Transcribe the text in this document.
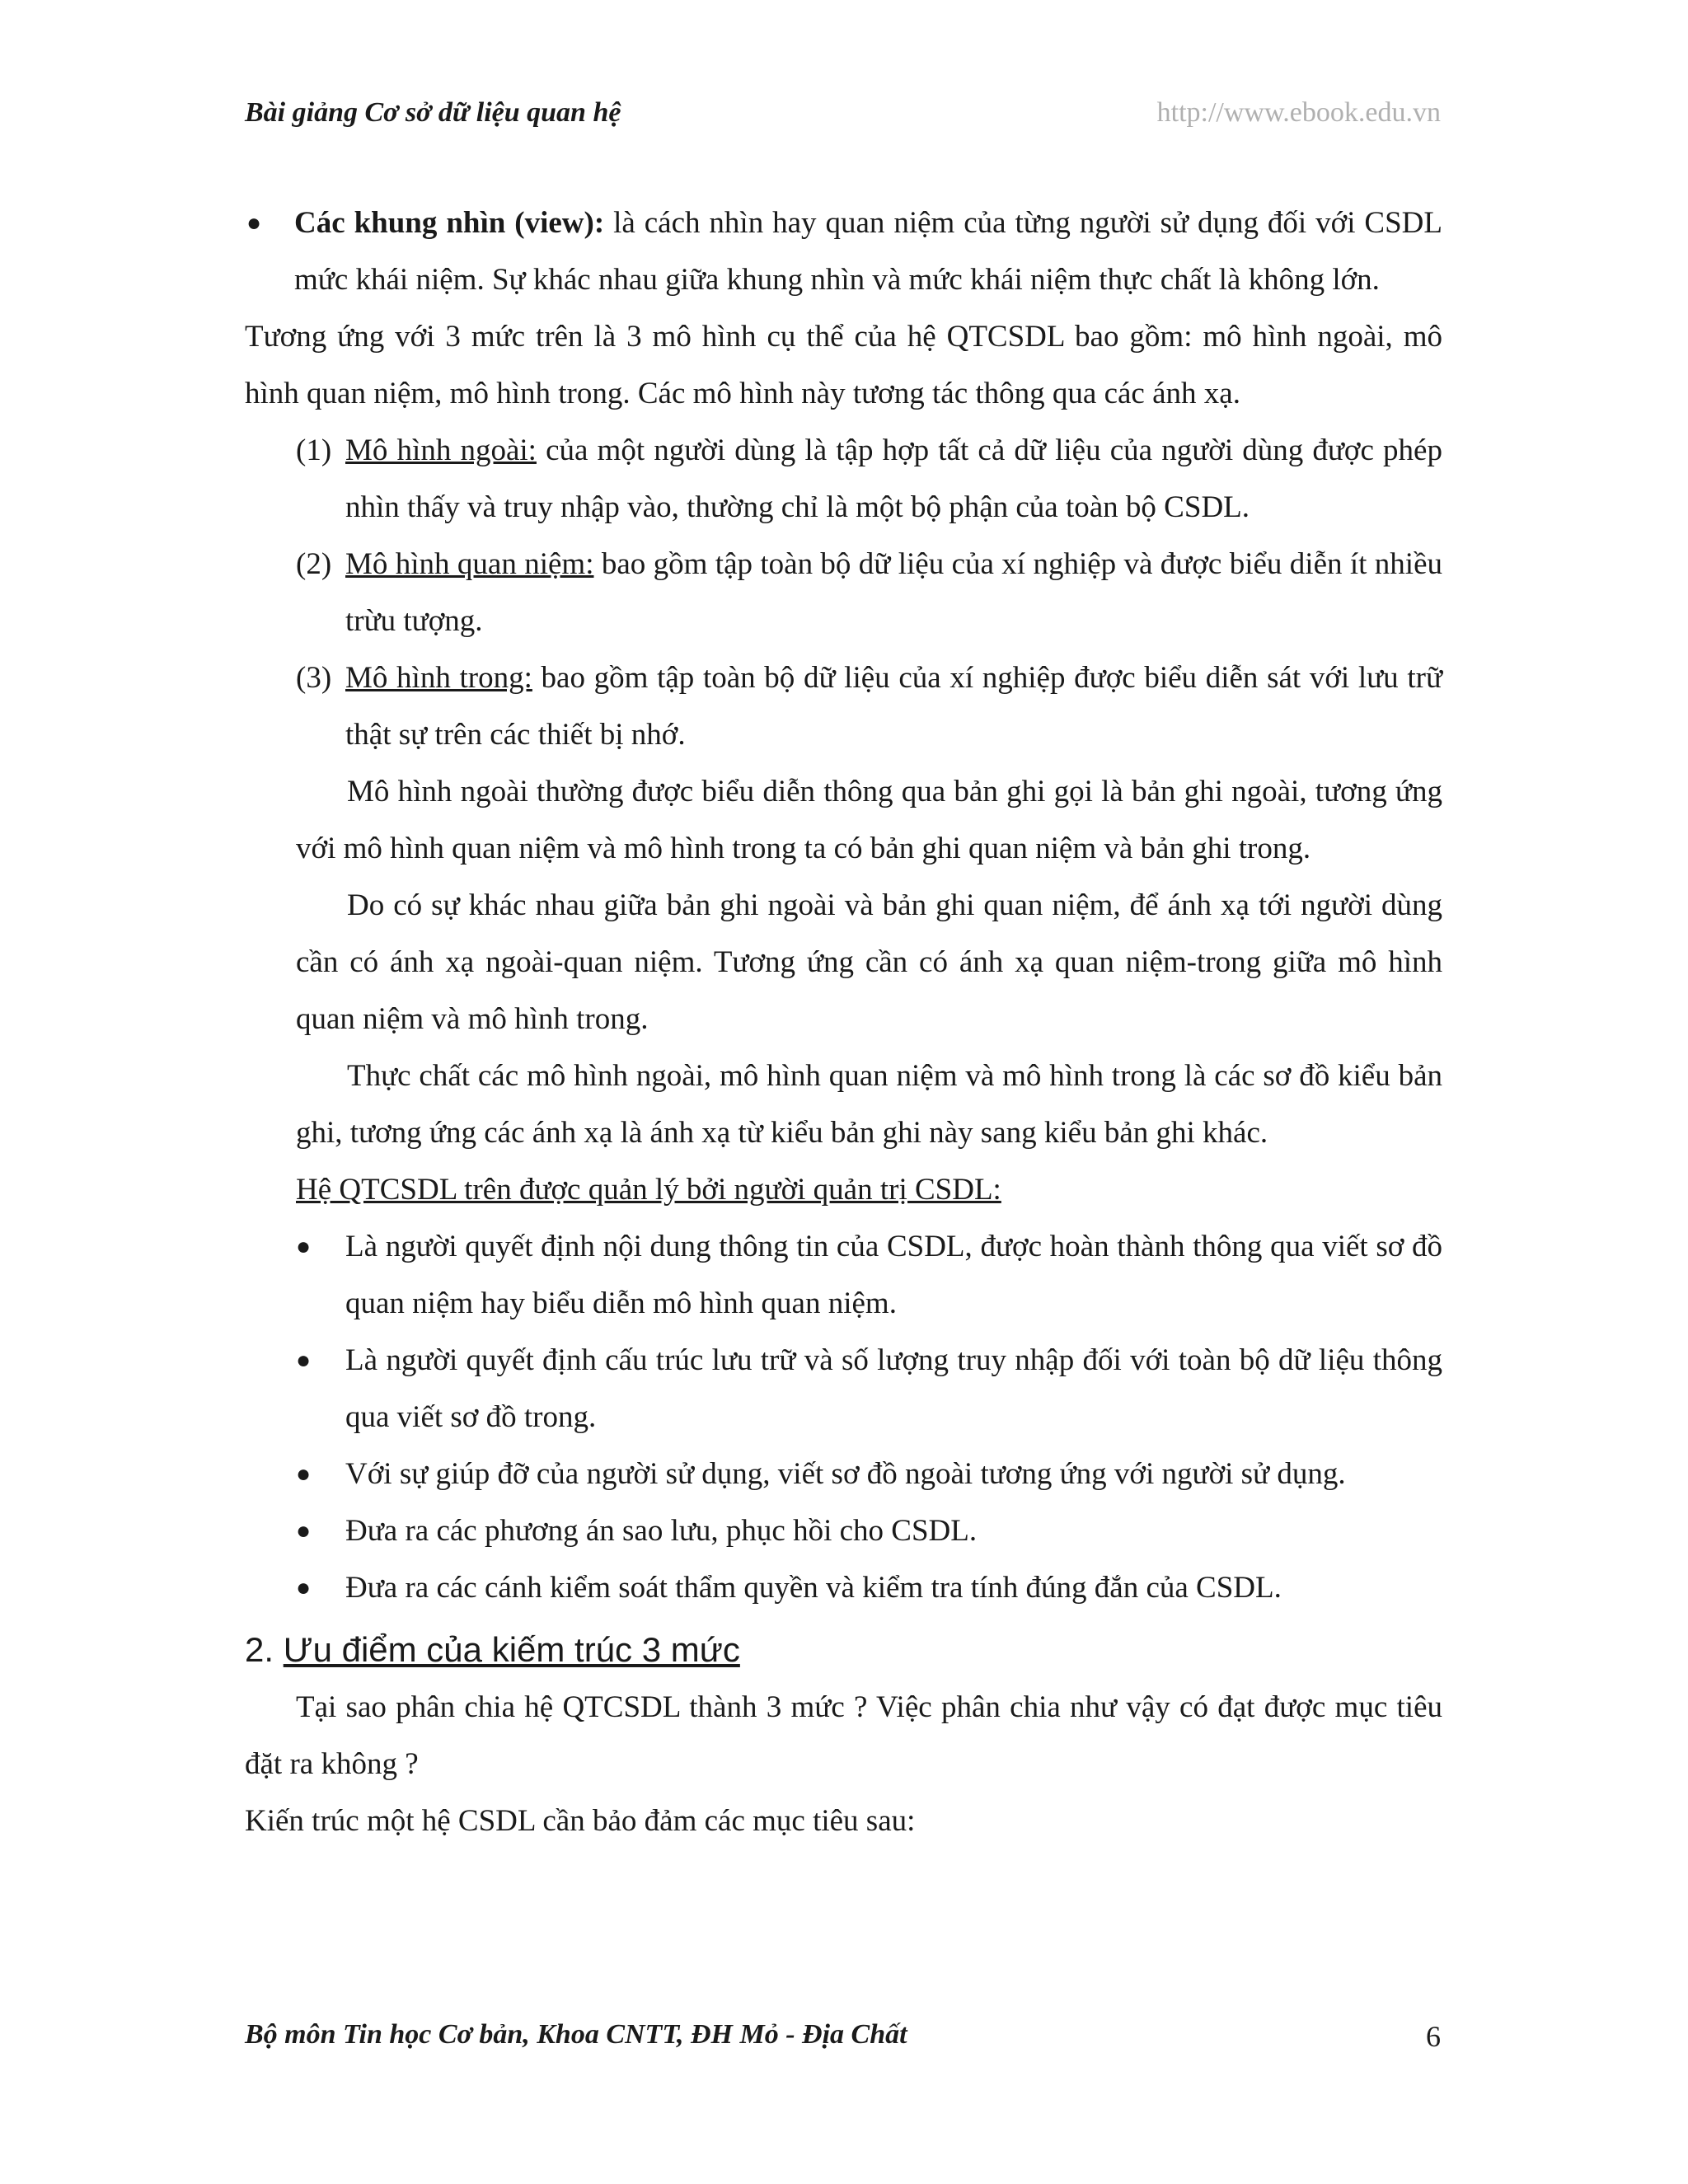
Bài giảng Cơ sở dữ liệu quan hệ	http://www.ebook.edu.vn

● Các khung nhìn (view): là cách nhìn hay quan niệm của từng người sử dụng đối với CSDL mức khái niệm. Sự khác nhau giữa khung nhìn và mức khái niệm thực chất là không lớn.

Tương ứng với 3 mức trên là 3 mô hình cụ thể của hệ QTCSDL bao gồm: mô hình ngoài, mô hình quan niệm, mô hình trong. Các mô hình này tương tác thông qua các ánh xạ.

(1) Mô hình ngoài: của một người dùng là tập hợp tất cả dữ liệu của người dùng được phép nhìn thấy và truy nhập vào, thường chỉ là một bộ phận của toàn bộ CSDL.

(2) Mô hình quan niệm: bao gồm tập toàn bộ dữ liệu của xí nghiệp và được biểu diễn ít nhiều trừu tượng.

(3) Mô hình trong: bao gồm tập toàn bộ dữ liệu của xí nghiệp được biểu diễn sát với lưu trữ thật sự trên các thiết bị nhớ.

Mô hình ngoài thường được biểu diễn thông qua bản ghi gọi là bản ghi ngoài, tương ứng với mô hình quan niệm và mô hình trong ta có bản ghi quan niệm và bản ghi trong.

Do có sự khác nhau giữa bản ghi ngoài và bản ghi quan niệm, để ánh xạ tới người dùng cần có ánh xạ ngoài-quan niệm. Tương ứng cần có ánh xạ quan niệm-trong giữa mô hình quan niệm và mô hình trong.

Thực chất các mô hình ngoài, mô hình quan niệm và mô hình trong là các sơ đồ kiểu bản ghi, tương ứng các ánh xạ là ánh xạ từ kiểu bản ghi này sang kiểu bản ghi khác.

Hệ QTCSDL trên được quản lý bởi người quản trị CSDL:

● Là người quyết định nội dung thông tin của CSDL, được hoàn thành thông qua viết sơ đồ quan niệm hay biểu diễn mô hình quan niệm.

● Là người quyết định cấu trúc lưu trữ và số lượng truy nhập đối với toàn bộ dữ liệu thông qua viết sơ đồ trong.

● Với sự giúp đỡ của người sử dụng, viết sơ đồ ngoài tương ứng với người sử dụng.

● Đưa ra các phương án sao lưu, phục hồi cho CSDL.

● Đưa ra các cánh kiểm soát thẩm quyền và kiểm tra tính đúng đắn của CSDL.

2. Ưu điểm của kiếm trúc 3 mức

Tại sao phân chia hệ QTCSDL thành 3 mức ? Việc phân chia như vậy có đạt được mục tiêu đặt ra không ?

Kiến trúc một hệ CSDL cần bảo đảm các mục tiêu sau:

Bộ môn Tin học Cơ bản, Khoa CNTT, ĐH Mỏ - Địa Chất	6
